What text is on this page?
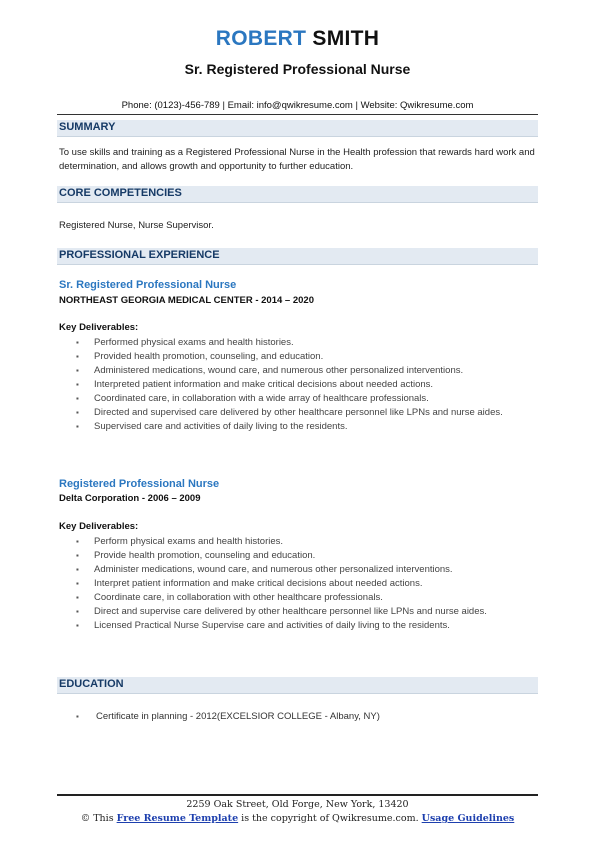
ROBERT SMITH
Sr. Registered Professional Nurse
Phone: (0123)-456-789 | Email: info@qwikresume.com | Website: Qwikresume.com
SUMMARY
To use skills and training as a Registered Professional Nurse in the Health profession that rewards hard work and determination, and allows growth and opportunity to further education.
CORE COMPETENCIES
Registered Nurse, Nurse Supervisor.
PROFESSIONAL EXPERIENCE
Sr. Registered Professional Nurse
NORTHEAST GEORGIA MEDICAL CENTER - 2014 – 2020
Key Deliverables:
▪ Performed physical exams and health histories.
▪ Provided health promotion, counseling, and education.
▪ Administered medications, wound care, and numerous other personalized interventions.
▪ Interpreted patient information and make critical decisions about needed actions.
▪ Coordinated care, in collaboration with a wide array of healthcare professionals.
▪ Directed and supervised care delivered by other healthcare personnel like LPNs and nurse aides.
▪ Supervised care and activities of daily living to the residents.
Registered Professional Nurse
Delta Corporation - 2006 – 2009
Key Deliverables:
▪ Perform physical exams and health histories.
▪ Provide health promotion, counseling and education.
▪ Administer medications, wound care, and numerous other personalized interventions.
▪ Interpret patient information and make critical decisions about needed actions.
▪ Coordinate care, in collaboration with other healthcare professionals.
▪ Direct and supervise care delivered by other healthcare personnel like LPNs and nurse aides.
▪ Licensed Practical Nurse Supervise care and activities of daily living to the residents.
EDUCATION
▪ Certificate in planning - 2012(EXCELSIOR COLLEGE - Albany, NY)
2259 Oak Street, Old Forge, New York, 13420
© This Free Resume Template is the copyright of Qwikresume.com. Usage Guidelines
